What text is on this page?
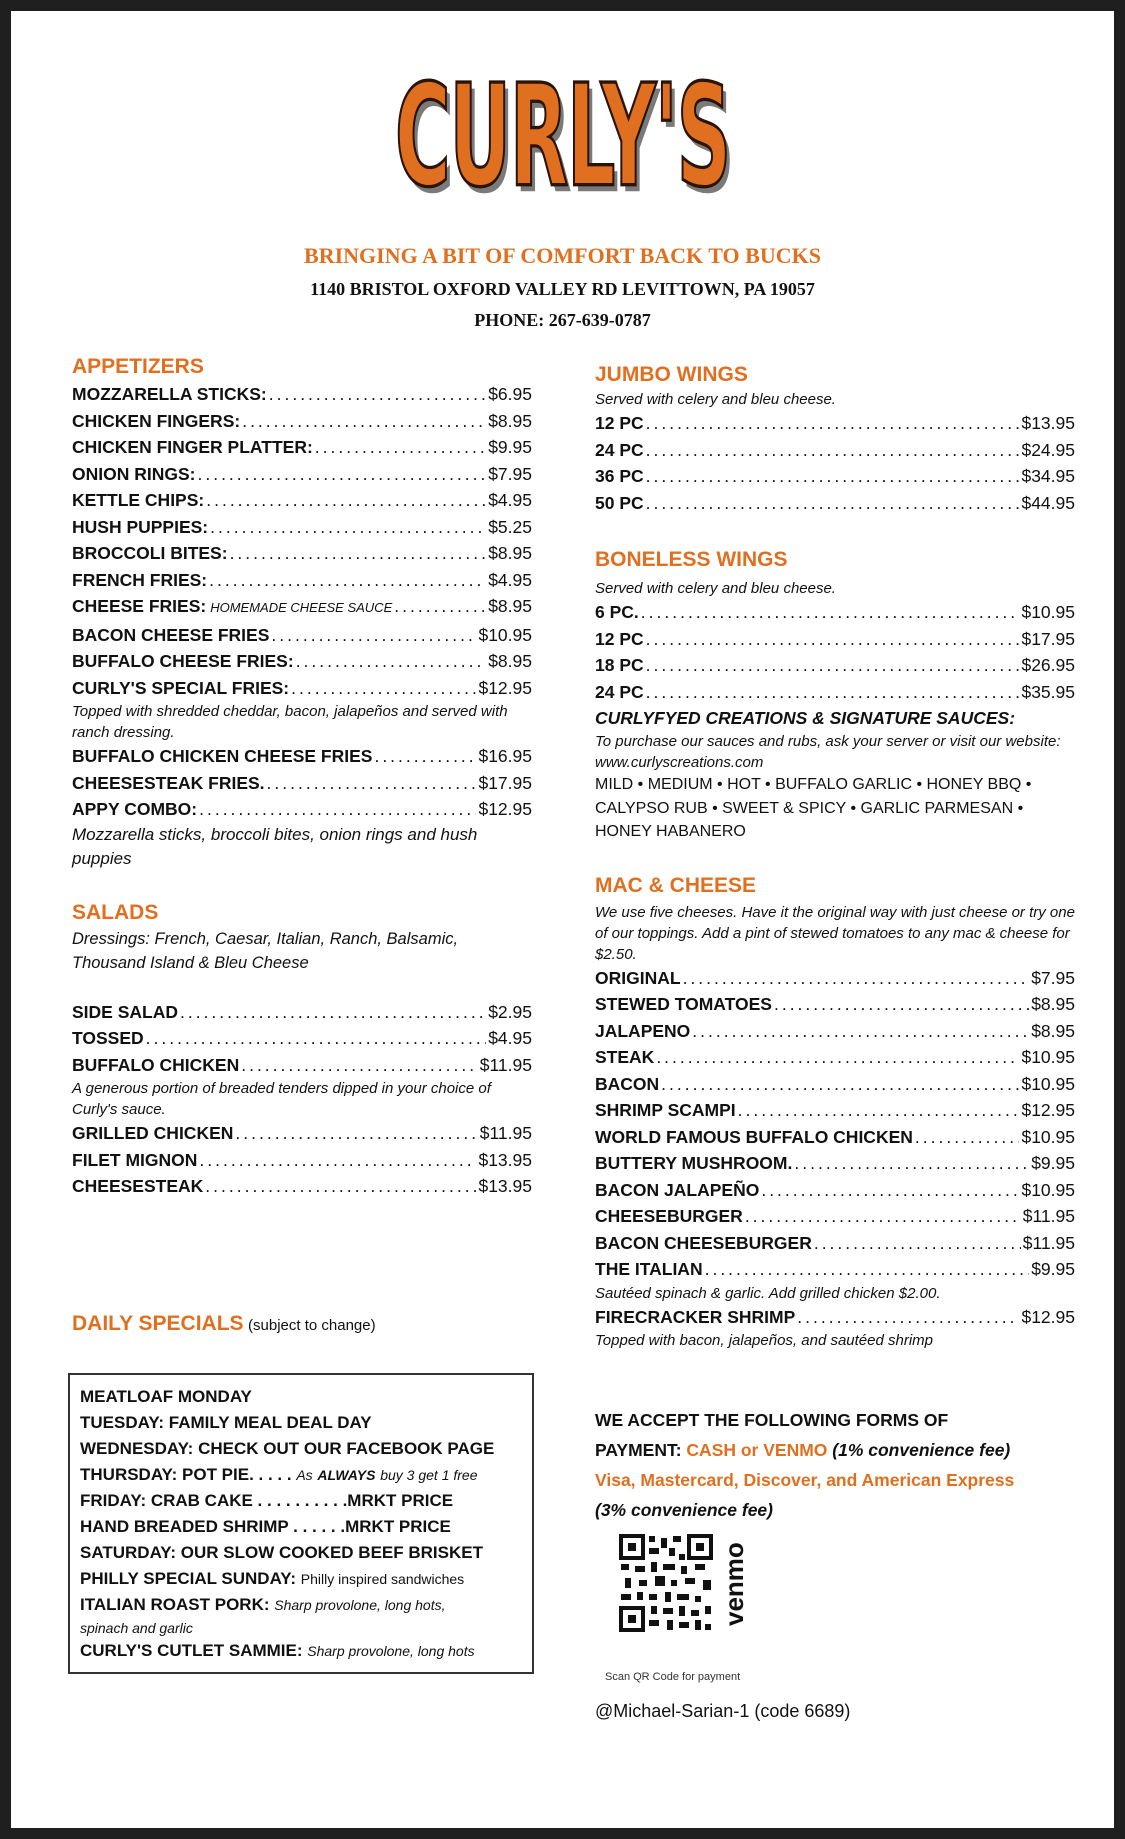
CURLY'S
BRINGING A BIT OF COMFORT BACK TO BUCKS
1140 BRISTOL OXFORD VALLEY RD LEVITTOWN, PA 19057
PHONE: 267-639-0787
APPETIZERS
MOZZARELLA STICKS: .....	$6.95
CHICKEN FINGERS: .....	$8.95
CHICKEN FINGER PLATTER: .....	$9.95
ONION RINGS: .....	$7.95
KETTLE CHIPS: .....	$4.95
HUSH PUPPIES: .....	$5.25
BROCCOLI BITES: .....	$8.95
FRENCH FRIES: .....	$4.95
CHEESE FRIES: HOMEMADE CHEESE SAUCE .....	$8.95
BACON CHEESE FRIES .....	$10.95
BUFFALO CHEESE FRIES: .....	$8.95
CURLY'S SPECIAL FRIES: .....	$12.95
Topped with shredded cheddar, bacon, jalapeños and served with ranch dressing.
BUFFALO CHICKEN CHEESE FRIES .....	$16.95
CHEESESTEAK FRIES. .....	$17.95
APPY COMBO: .....	$12.95
Mozzarella sticks, broccoli bites, onion rings and hush puppies
SALADS
Dressings: French, Caesar, Italian, Ranch, Balsamic, Thousand Island & Bleu Cheese
SIDE SALAD .....	$2.95
TOSSED .....	$4.95
BUFFALO CHICKEN .....	$11.95
A generous portion of breaded tenders dipped in your choice of Curly's sauce.
GRILLED CHICKEN .....	$11.95
FILET MIGNON .....	$13.95
CHEESESTEAK .....	$13.95
DAILY SPECIALS (subject to change)
MEATLOAF MONDAY
TUESDAY: FAMILY MEAL DEAL DAY
WEDNESDAY: CHECK OUT OUR FACEBOOK PAGE
THURSDAY: POT PIE. . . . . As ALWAYS buy 3 get 1 free
FRIDAY: CRAB CAKE . . . . . . . . . .MRKT PRICE
HAND BREADED SHRIMP . . . . . .MRKT PRICE
SATURDAY: OUR SLOW COOKED BEEF BRISKET
PHILLY SPECIAL SUNDAY: Philly inspired sandwiches
ITALIAN ROAST PORK: Sharp provolone, long hots,
spinach and garlic
CURLY'S CUTLET SAMMIE: Sharp provolone, long hots
JUMBO WINGS
Served with celery and bleu cheese.
12 PC .....	$13.95
24 PC .....	$24.95
36 PC .....	$34.95
50 PC .....	$44.95
BONELESS WINGS
Served with celery and bleu cheese.
6 PC. .....	$10.95
12 PC .....	$17.95
18 PC .....	$26.95
24 PC .....	$35.95
CURLYFYED CREATIONS & SIGNATURE SAUCES:
To purchase our sauces and rubs, ask your server or visit our website: www.curlyscreations.com
MILD • MEDIUM • HOT • BUFFALO GARLIC • HONEY BBQ • CALYPSO RUB • SWEET & SPICY • GARLIC PARMESAN • HONEY HABANERO
MAC & CHEESE
We use five cheeses. Have it the original way with just cheese or try one of our toppings. Add a pint of stewed tomatoes to any mac & cheese for $2.50.
ORIGINAL .....	$7.95
STEWED TOMATOES .....	$8.95
JALAPENO .....	$8.95
STEAK .....	$10.95
BACON .....	$10.95
SHRIMP SCAMPI .....	$12.95
WORLD FAMOUS BUFFALO CHICKEN .....	$10.95
BUTTERY MUSHROOM. .....	$9.95
BACON JALAPEÑO .....	$10.95
CHEESEBURGER .....	$11.95
BACON CHEESEBURGER .....	$11.95
THE ITALIAN .....	$9.95
Sautéed spinach & garlic. Add grilled chicken $2.00.
FIRECRACKER SHRIMP .....	$12.95
Topped with bacon, jalapeños, and sautéed shrimp
WE ACCEPT THE FOLLOWING FORMS OF
PAYMENT: CASH or VENMO (1% convenience fee)
Visa, Mastercard, Discover, and American Express
(3% convenience fee)
venmo
Scan QR Code for payment
@Michael-Sarian-1 (code 6689)
